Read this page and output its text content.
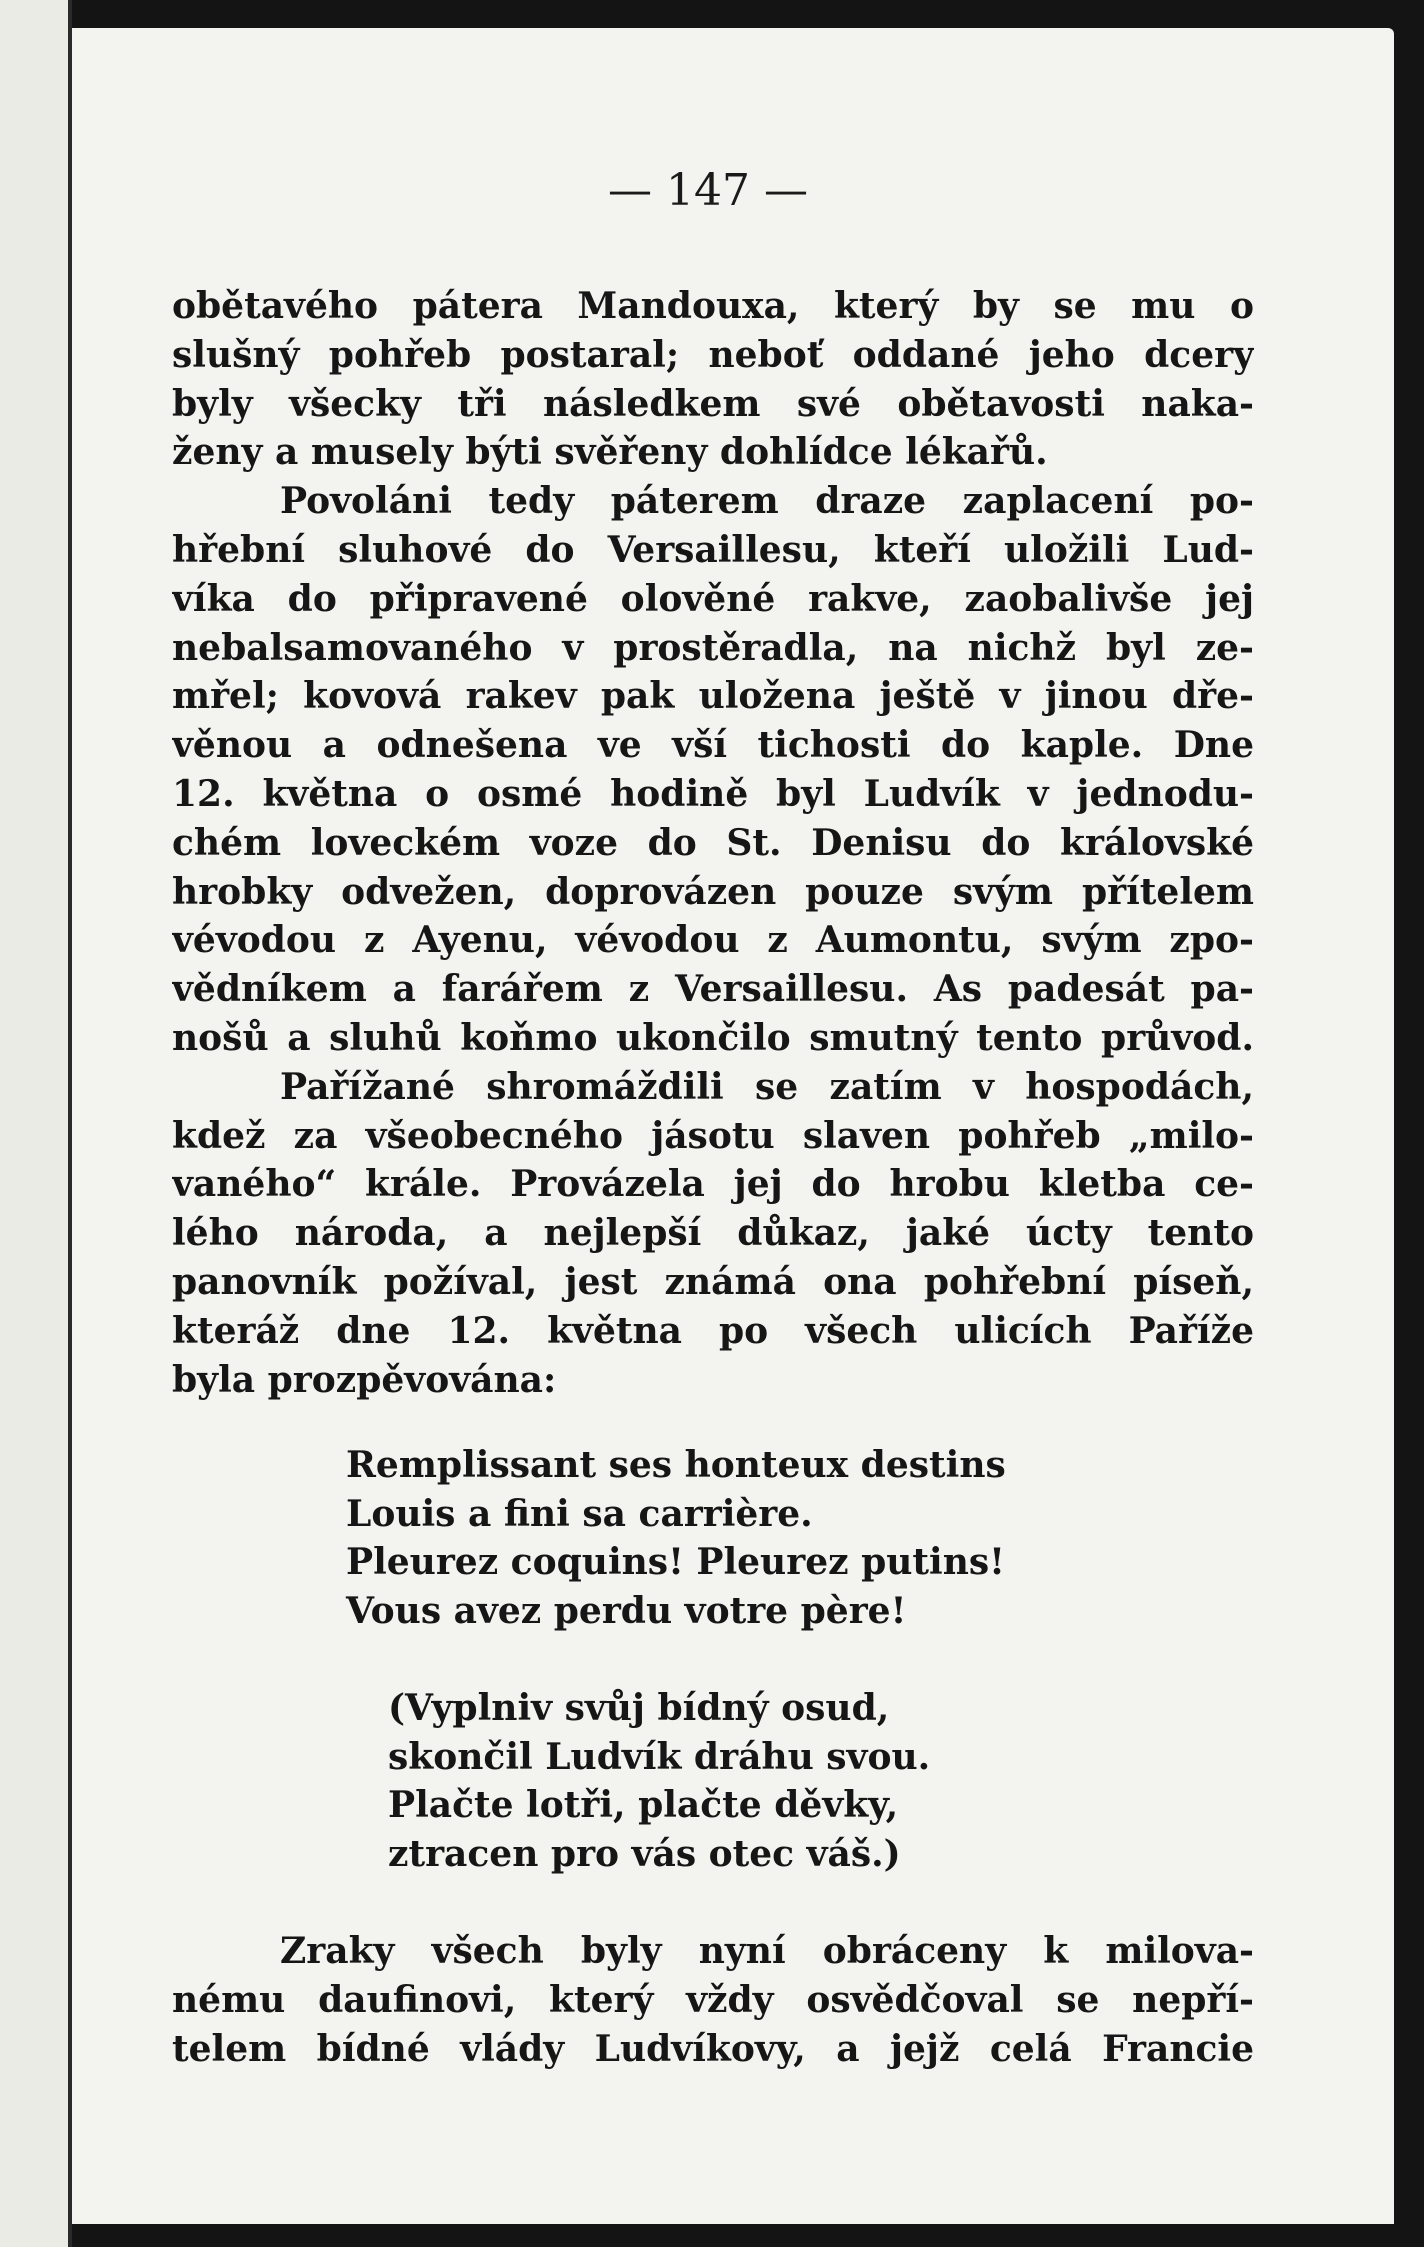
— 147 —
obětavého pátera Mandouxa, který by se mu o
slušný pohřeb postaral; neboť oddané jeho dcery
byly všecky tři následkem své obětavosti naka-
ženy a musely býti svěřeny dohlídce lékařů.
Povoláni tedy páterem draze zaplacení po-
hřební sluhové do Versaillesu, kteří uložili Lud-
víka do připravené olověné rakve, zaobalivše jej
nebalsamovaného v prostěradla, na nichž byl ze-
mřel; kovová rakev pak uložena ještě v jinou dře-
věnou a odnešena ve vší tichosti do kaple. Dne
12. května o osmé hodině byl Ludvík v jednodu-
chém loveckém voze do St. Denisu do královské
hrobky odvežen, doprovázen pouze svým přítelem
vévodou z Ayenu, vévodou z Aumontu, svým zpo-
vědníkem a farářem z Versaillesu. As padesát pa-
nošů a sluhů koňmo ukončilo smutný tento průvod.
Pařížané shromáždili se zatím v hospodách,
kdež za všeobecného jásotu slaven pohřeb „milo-
vaného“ krále. Provázela jej do hrobu kletba ce-
lého národa, a nejlepší důkaz, jaké úcty tento
panovník požíval, jest známá ona pohřební píseň,
kteráž dne 12. května po všech ulicích Paříže
byla prozpěvována:
Remplissant ses honteux destins
Louis a fini sa carrière.
Pleurez coquins! Pleurez putins!
Vous avez perdu votre père!
(Vyplniv svůj bídný osud,
skončil Ludvík dráhu svou.
Plačte lotři, plačte děvky,
ztracen pro vás otec váš.)
Zraky všech byly nyní obráceny k milova-
nému daufinovi, který vždy osvědčoval se nepří-
telem bídné vlády Ludvíkovy, a jejž celá Francie
